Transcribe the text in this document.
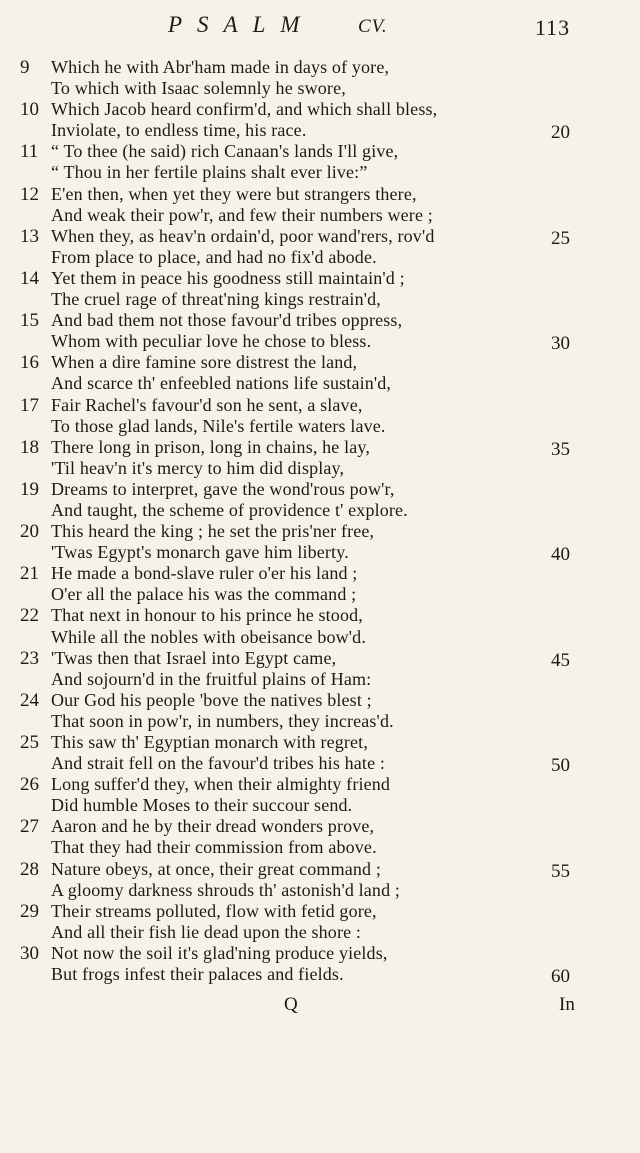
PSALM CV.	113
9	Which he with Abr'ham made in days of yore,
To which with Isaac solemnly he swore,
10 Which Jacob heard confirm'd, and which shall bless,
Inviolate, to endless time, his race.	20
11 “ To thee (he said) rich Canaan's lands I'll give,
“ Thou in her fertile plains shalt ever live:”
12 E'en then, when yet they were but strangers there,
And weak their pow'r, and few their numbers were ;
13 When they, as heav'n ordain'd, poor wand'rers, rov'd	25
From place to place, and had no fix'd abode.
14 Yet them in peace his goodness still maintain'd ;
The cruel rage of threat'ning kings restrain'd,
15 And bad them not those favour'd tribes oppress,
Whom with peculiar love he chose to bless.	30
16 When a dire famine sore distrest the land,
And scarce th' enfeebled nations life sustain'd,
17 Fair Rachel's favour'd son he sent, a slave,
To those glad lands, Nile's fertile waters lave.
18 There long in prison, long in chains, he lay,	35
'Til heav'n it's mercy to him did display,
19 Dreams to interpret, gave the wond'rous pow'r,
And taught, the scheme of providence t' explore.
20 This heard the king ; he set the pris'ner free,
'Twas Egypt's monarch gave him liberty.	40
21 He made a bond-slave ruler o'er his land ;
O'er all the palace his was the command ;
22 That next in honour to his prince he stood,
While all the nobles with obeisance bow'd.
23 'Twas then that Israel into Egypt came,	45
And sojourn'd in the fruitful plains of Ham:
24 Our God his people 'bove the natives blest ;
That soon in pow'r, in numbers, they increas'd.
25 This saw th' Egyptian monarch with regret,
And strait fell on the favour'd tribes his hate :	50
26 Long suffer'd they, when their almighty friend
Did humble Moses to their succour send.
27 Aaron and he by their dread wonders prove,
That they had their commission from above.
28 Nature obeys, at once, their great command ;	55
A gloomy darkness shrouds th' astonish'd land ;
29 Their streams polluted, flow with fetid gore,
And all their fish lie dead upon the shore :
30 Not now the soil it's glad'ning produce yields,
But frogs infest their palaces and fields.	60
Q	In
